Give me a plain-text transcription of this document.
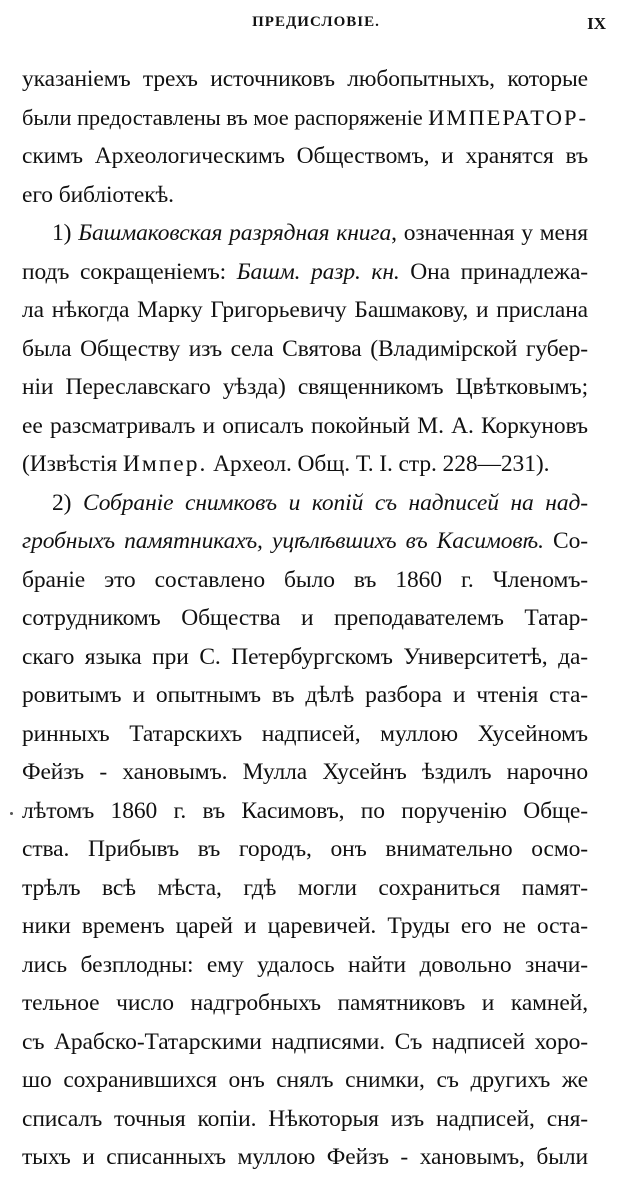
ПРЕДИСЛОВІЕ.	IX
указаніемъ трехъ источниковъ любопытныхъ, которые
были предоставлены въ мое распоряженіе ИМПЕРАТОР-
скимъ Археологическимъ Обществомъ, и хранятся въ
его библіотекѣ.
1) Башмаковская разрядная книга, означенная у меня
подъ сокращеніемъ: Башм. разр. кн. Она принадлежа-
ла нѣкогда Марку Григорьевичу Башмакову, и прислана
была Обществу изъ села Святова (Владимірской губер-
ніи Переславскаго уѣзда) священникомъ Цвѣтковымъ;
ее разсматривалъ и описалъ покойный М. А. Коркуновъ
(Извѣстія Импер. Археол. Общ. Т. I. стр. 228—231).
2) Собраніе снимковъ и копій съ надписей на над-
гробныхъ памятникахъ, уцѣлѣвшихъ въ Касимовѣ. Со-
браніе это составлено было въ 1860 г. Членомъ-
сотрудникомъ Общества и преподавателемъ Татар-
скаго языка при С. Петербургскомъ Университетѣ, да-
ровитымъ и опытнымъ въ дѣлѣ разбора и чтенія ста-
ринныхъ Татарскихъ надписей, муллою Хусейномъ
Фейзъ - хановымъ. Мулла Хусейнъ ѣздилъ нарочно
лѣтомъ 1860 г. въ Касимовъ, по порученію Обще-
ства. Прибывъ въ городъ, онъ внимательно осмо-
трѣлъ всѣ мѣста, гдѣ могли сохраниться памят-
ники временъ царей и царевичей. Труды его не оста-
лись безплодны: ему удалось найти довольно значи-
тельное число надгробныхъ памятниковъ и камней,
съ Арабско-Татарскими надписями. Съ надписей хоро-
шо сохранившихся онъ снялъ снимки, съ другихъ же
списалъ точныя копіи. Нѣкоторыя изъ надписей, сня-
тыхъ и списанныхъ муллою Фейзъ - хановымъ, были
